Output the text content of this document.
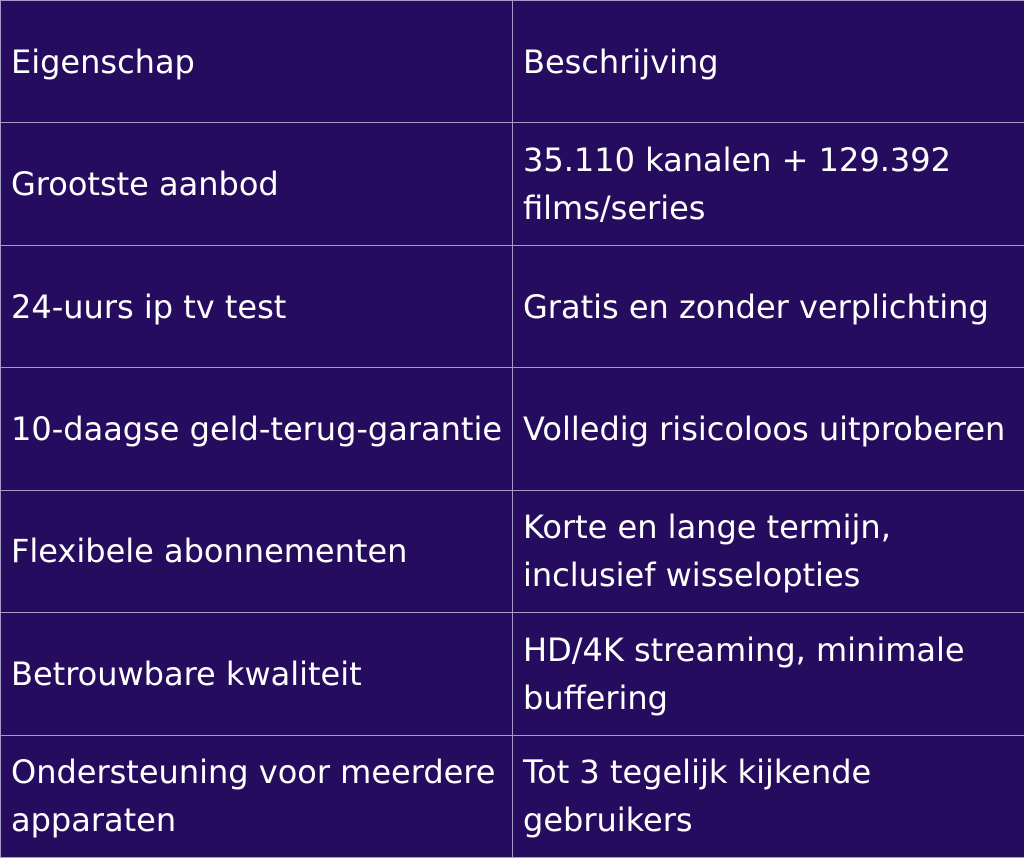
Eigenschap	Beschrijving
Grootste aanbod
35.110 kanalen + 129.392 films/series
24-uurs ip tv test	Gratis en zonder verplichting
10-daagse geld-terug-garantie Volledig risicoloos uitproberen
Flexibele abonnementen
Korte en lange termijn, inclusief wisselopties
Betrouwbare kwaliteit
HD/4K streaming, minimale buffering
Ondersteuning voor meerdere apparaten
Tot 3 tegelijk kijkende gebruikers
